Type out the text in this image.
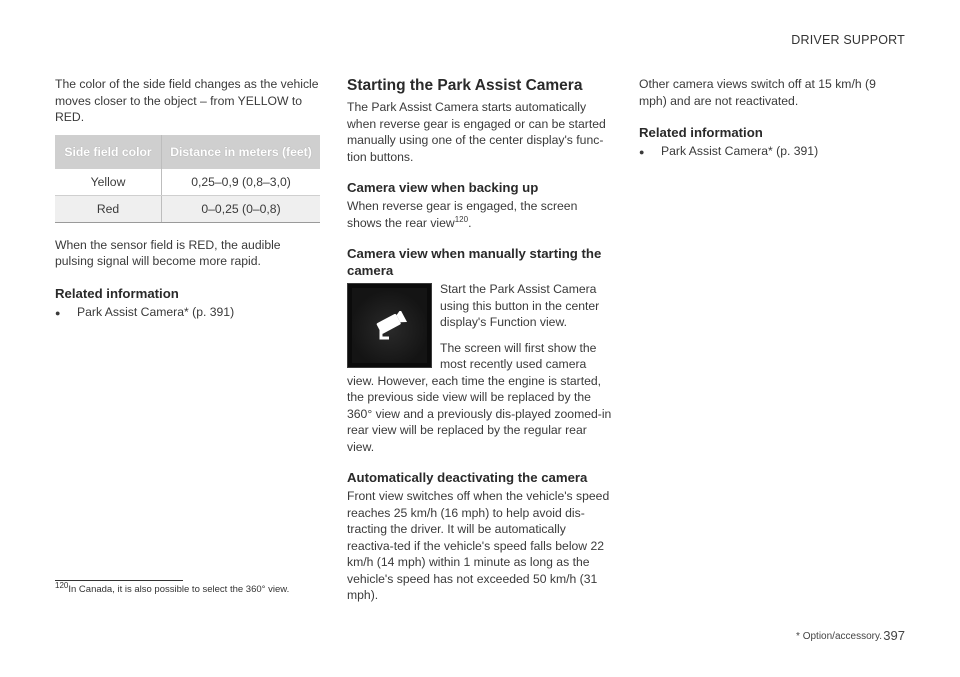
DRIVER SUPPORT

The color of the side field changes as the vehicle moves closer to the object – from YELLOW to RED.

Side field color	Distance in meters (feet)
Yellow	0,25–0,9 (0,8–3,0)
Red	0–0,25 (0–0,8)

When the sensor field is RED, the audible pulsing signal will become more rapid.

Related information
●	Park Assist Camera* (p. 391)
Starting the Park Assist Camera

The Park Assist Camera starts automatically when reverse gear is engaged or can be started manually using one of the center display's func-tion buttons.

Camera view when backing up

When reverse gear is engaged, the screen shows the rear view$^{120}$.

Camera view when manually starting the camera

Start the Park Assist Camera using this button in the center display's Function view.

The screen will first show the most recently used camera view. However, each time the engine is started, the previous side view will be replaced by the 360° view and a previously dis-played zoomed-in rear view will be replaced by the regular rear view.

Automatically deactivating the camera

Front view switches off when the vehicle's speed reaches 25 km/h (16 mph) to help avoid dis-tracting the driver. It will be automatically reactiva-ted if the vehicle's speed falls below 22 km/h (14 mph) within 1 minute as long as the vehicle's speed has not exceeded 50 km/h (31 mph).

Other camera views switch off at 15 km/h (9 mph) and are not reactivated.

Related information
●	Park Assist Camera* (p. 391)
$^{120}$In Canada, it is also possible to select the 360° view.
* Option/accessory. 397
